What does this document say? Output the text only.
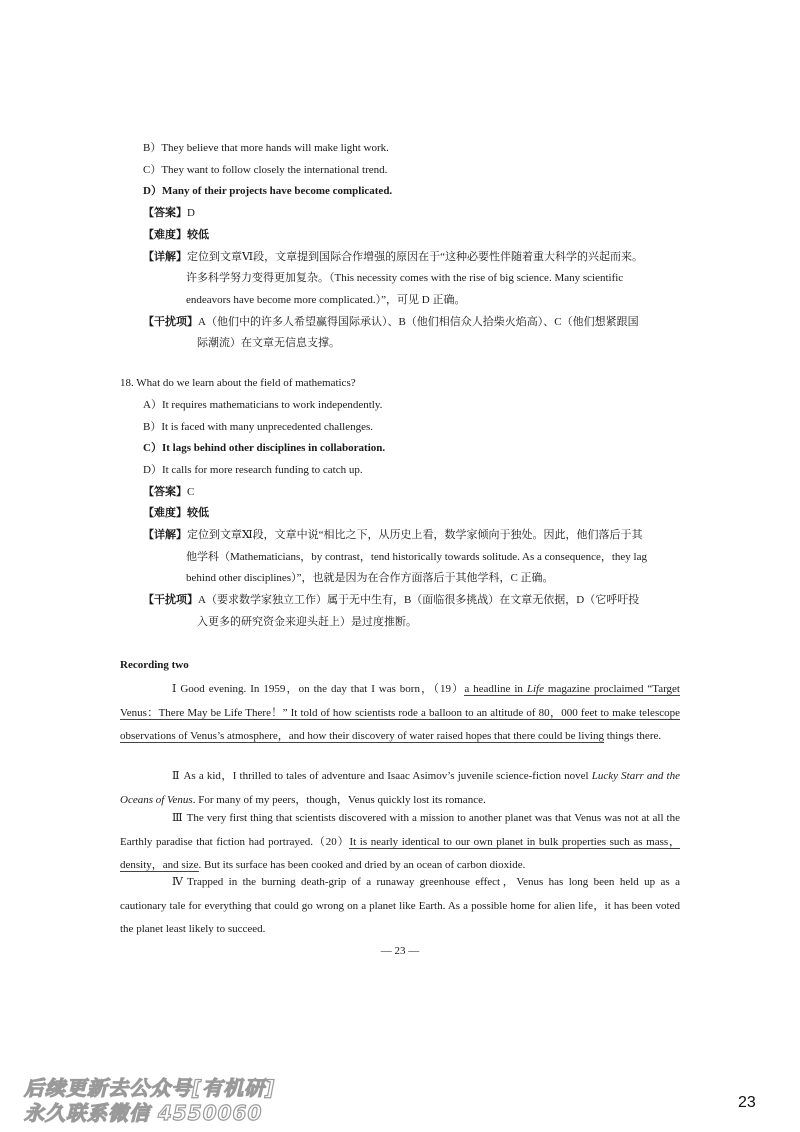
B）They believe that more hands will make light work.
C）They want to follow closely the international trend.
D）Many of their projects have become complicated.
【答案】D
【难度】较低
【详解】定位到文章Ⅵ段，文章提到国际合作增强的原因在于“这种必要性伴随着重大科学的兴起而来。
许多科学努力变得更加复杂。（This necessity comes with the rise of big science. Many scientific
endeavors have become more complicated.）”，可见 D 正确。
【干扰项】A（他们中的许多人希望赢得国际承认）、B（他们相信众人拾柴火焰高）、C（他们想紧跟国
际潮流）在文章无信息支撑。
18. What do we learn about the field of mathematics?
A）It requires mathematicians to work independently.
B）It is faced with many unprecedented challenges.
C）It lags behind other disciplines in collaboration.
D）It calls for more research funding to catch up.
【答案】C
【难度】较低
【详解】定位到文章Ⅺ段，文章中说“相比之下，从历史上看，数学家倾向于独处。因此，他们落后于其
他学科（Mathematicians，by contrast，tend historically towards solitude. As a consequence，they lag
behind other disciplines）”，也就是因为在合作方面落后于其他学科，C 正确。
【干扰项】A（要求数学家独立工作）属于无中生有，B（面临很多挑战）在文章无依据，D（它呼吁投
入更多的研究资金来迎头赶上）是过度推断。
Recording two
Ⅰ Good evening. In 1959，on the day that I was born，（19）a headline in Life magazine proclaimed “Target Venus：There May be Life There！” It told of how scientists rode a balloon to an altitude of 80，000 feet to make telescope observations of Venus’s atmosphere，and how their discovery of water raised hopes that there could be living things there.
Ⅱ As a kid，I thrilled to tales of adventure and Isaac Asimov’s juvenile science-fiction novel Lucky Starr and the Oceans of Venus. For many of my peers，though，Venus quickly lost its romance.
Ⅲ The very first thing that scientists discovered with a mission to another planet was that Venus was not at all the Earthly paradise that fiction had portrayed.（20）It is nearly identical to our own planet in bulk properties such as mass，density，and size. But its surface has been cooked and dried by an ocean of carbon dioxide.
Ⅳ Trapped in the burning death-grip of a runaway greenhouse effect，Venus has long been held up as a cautionary tale for everything that could go wrong on a planet like Earth. As a possible home for alien life，it has been voted the planet least likely to succeed.
— 23 —
23
后续更新去公众号[有机研]
永久联系微信 4550060
